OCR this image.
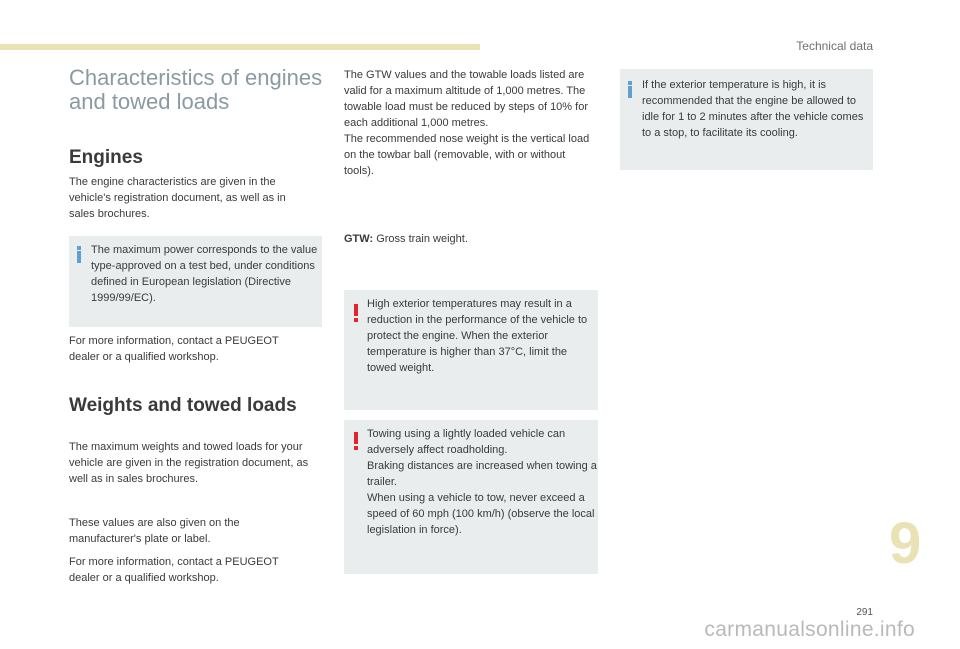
Technical data
Characteristics of engines and towed loads
Engines
The engine characteristics are given in the vehicle's registration document, as well as in sales brochures.
The maximum power corresponds to the value type-approved on a test bed, under conditions defined in European legislation (Directive 1999/99/EC).
For more information, contact a PEUGEOT dealer or a qualified workshop.
Weights and towed loads
The maximum weights and towed loads for your vehicle are given in the registration document, as well as in sales brochures.
These values are also given on the manufacturer's plate or label.
For more information, contact a PEUGEOT dealer or a qualified workshop.
The GTW values and the towable loads listed are valid for a maximum altitude of 1,000 metres. The towable load must be reduced by steps of 10% for each additional 1,000 metres.
The recommended nose weight is the vertical load on the towbar ball (removable, with or without tools).
GTW: Gross train weight.
High exterior temperatures may result in a reduction in the performance of the vehicle to protect the engine. When the exterior temperature is higher than 37°C, limit the towed weight.
Towing using a lightly loaded vehicle can adversely affect roadholding.
Braking distances are increased when towing a trailer.
When using a vehicle to tow, never exceed a speed of 60 mph (100 km/h) (observe the local legislation in force).
If the exterior temperature is high, it is recommended that the engine be allowed to idle for 1 to 2 minutes after the vehicle comes to a stop, to facilitate its cooling.
9
291
carmanualsonline.info
